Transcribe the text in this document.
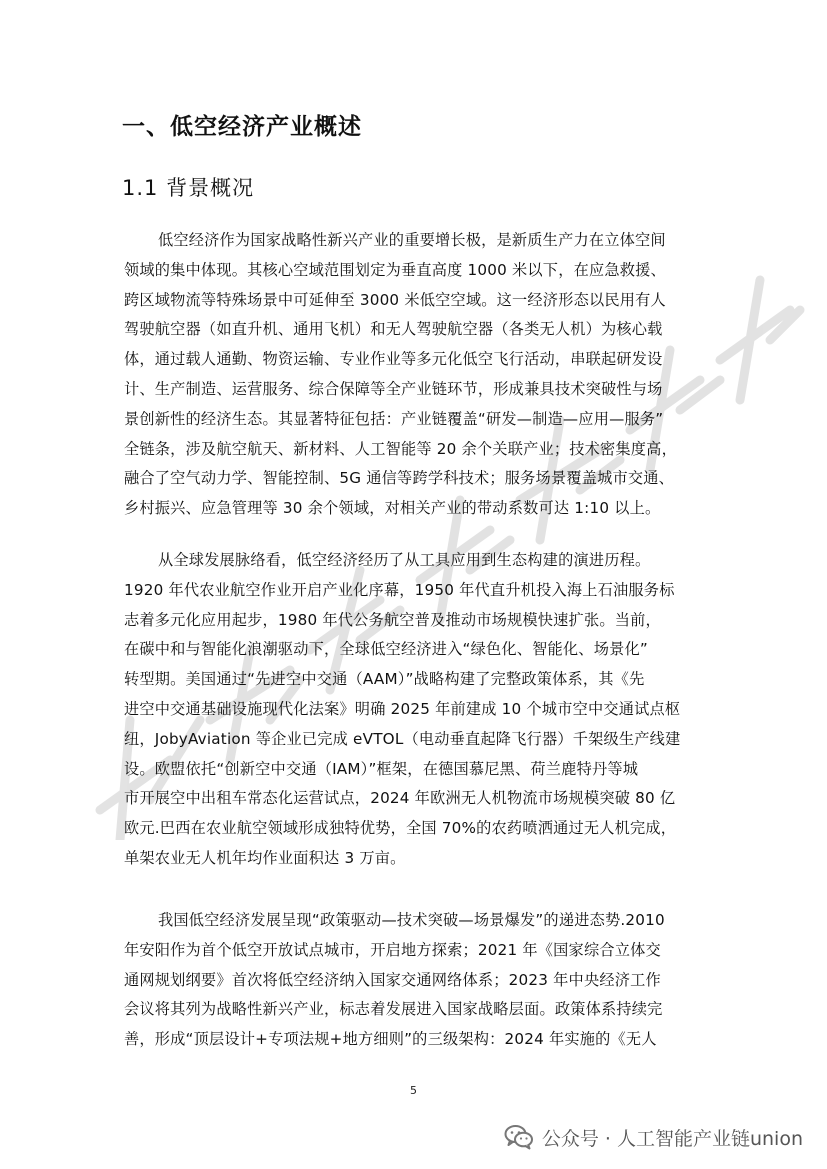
一、低空经济产业概述
1.1 背景概况
低空经济作为国家战略性新兴产业的重要增长极，是新质生产力在立体空间
领域的集中体现。其核心空域范围划定为垂直高度 1000 米以下，在应急救援、
跨区域物流等特殊场景中可延伸至 3000 米低空空域。这一经济形态以民用有人
驾驶航空器（如直升机、通用飞机）和无人驾驶航空器（各类无人机）为核心载
体，通过载人通勤、物资运输、专业作业等多元化低空飞行活动，串联起研发设
计、生产制造、运营服务、综合保障等全产业链环节，形成兼具技术突破性与场
景创新性的经济生态。其显著特征包括：产业链覆盖“研发—制造—应用—服务”
全链条，涉及航空航天、新材料、人工智能等 20 余个关联产业；技术密集度高，
融合了空气动力学、智能控制、5G 通信等跨学科技术；服务场景覆盖城市交通、
乡村振兴、应急管理等 30 余个领域，对相关产业的带动系数可达 1:10 以上。
从全球发展脉络看，低空经济经历了从工具应用到生态构建的演进历程。
1920 年代农业航空作业开启产业化序幕，1950 年代直升机投入海上石油服务标
志着多元化应用起步，1980 年代公务航空普及推动市场规模快速扩张。当前，
在碳中和与智能化浪潮驱动下，全球低空经济进入“绿色化、智能化、场景化”
转型期。美国通过“先进空中交通（AAM）”战略构建了完整政策体系，其《先
进空中交通基础设施现代化法案》明确 2025 年前建成 10 个城市空中交通试点枢
纽，JobyAviation 等企业已完成 eVTOL（电动垂直起降飞行器）千架级生产线建
设。欧盟依托“创新空中交通（IAM）”框架，在德国慕尼黑、荷兰鹿特丹等城
市开展空中出租车常态化运营试点，2024 年欧洲无人机物流市场规模突破 80 亿
欧元.巴西在农业航空领域形成独特优势，全国 70%的农药喷洒通过无人机完成，
单架农业无人机年均作业面积达 3 万亩。
我国低空经济发展呈现“政策驱动—技术突破—场景爆发”的递进态势.2010
年安阳作为首个低空开放试点城市，开启地方探索；2021 年《国家综合立体交
通网规划纲要》首次将低空经济纳入国家交通网络体系；2023 年中央经济工作
会议将其列为战略性新兴产业，标志着发展进入国家战略层面。政策体系持续完
善，形成“顶层设计+专项法规+地方细则”的三级架构：2024 年实施的《无人
5
公众号 · 人工智能产业链union
